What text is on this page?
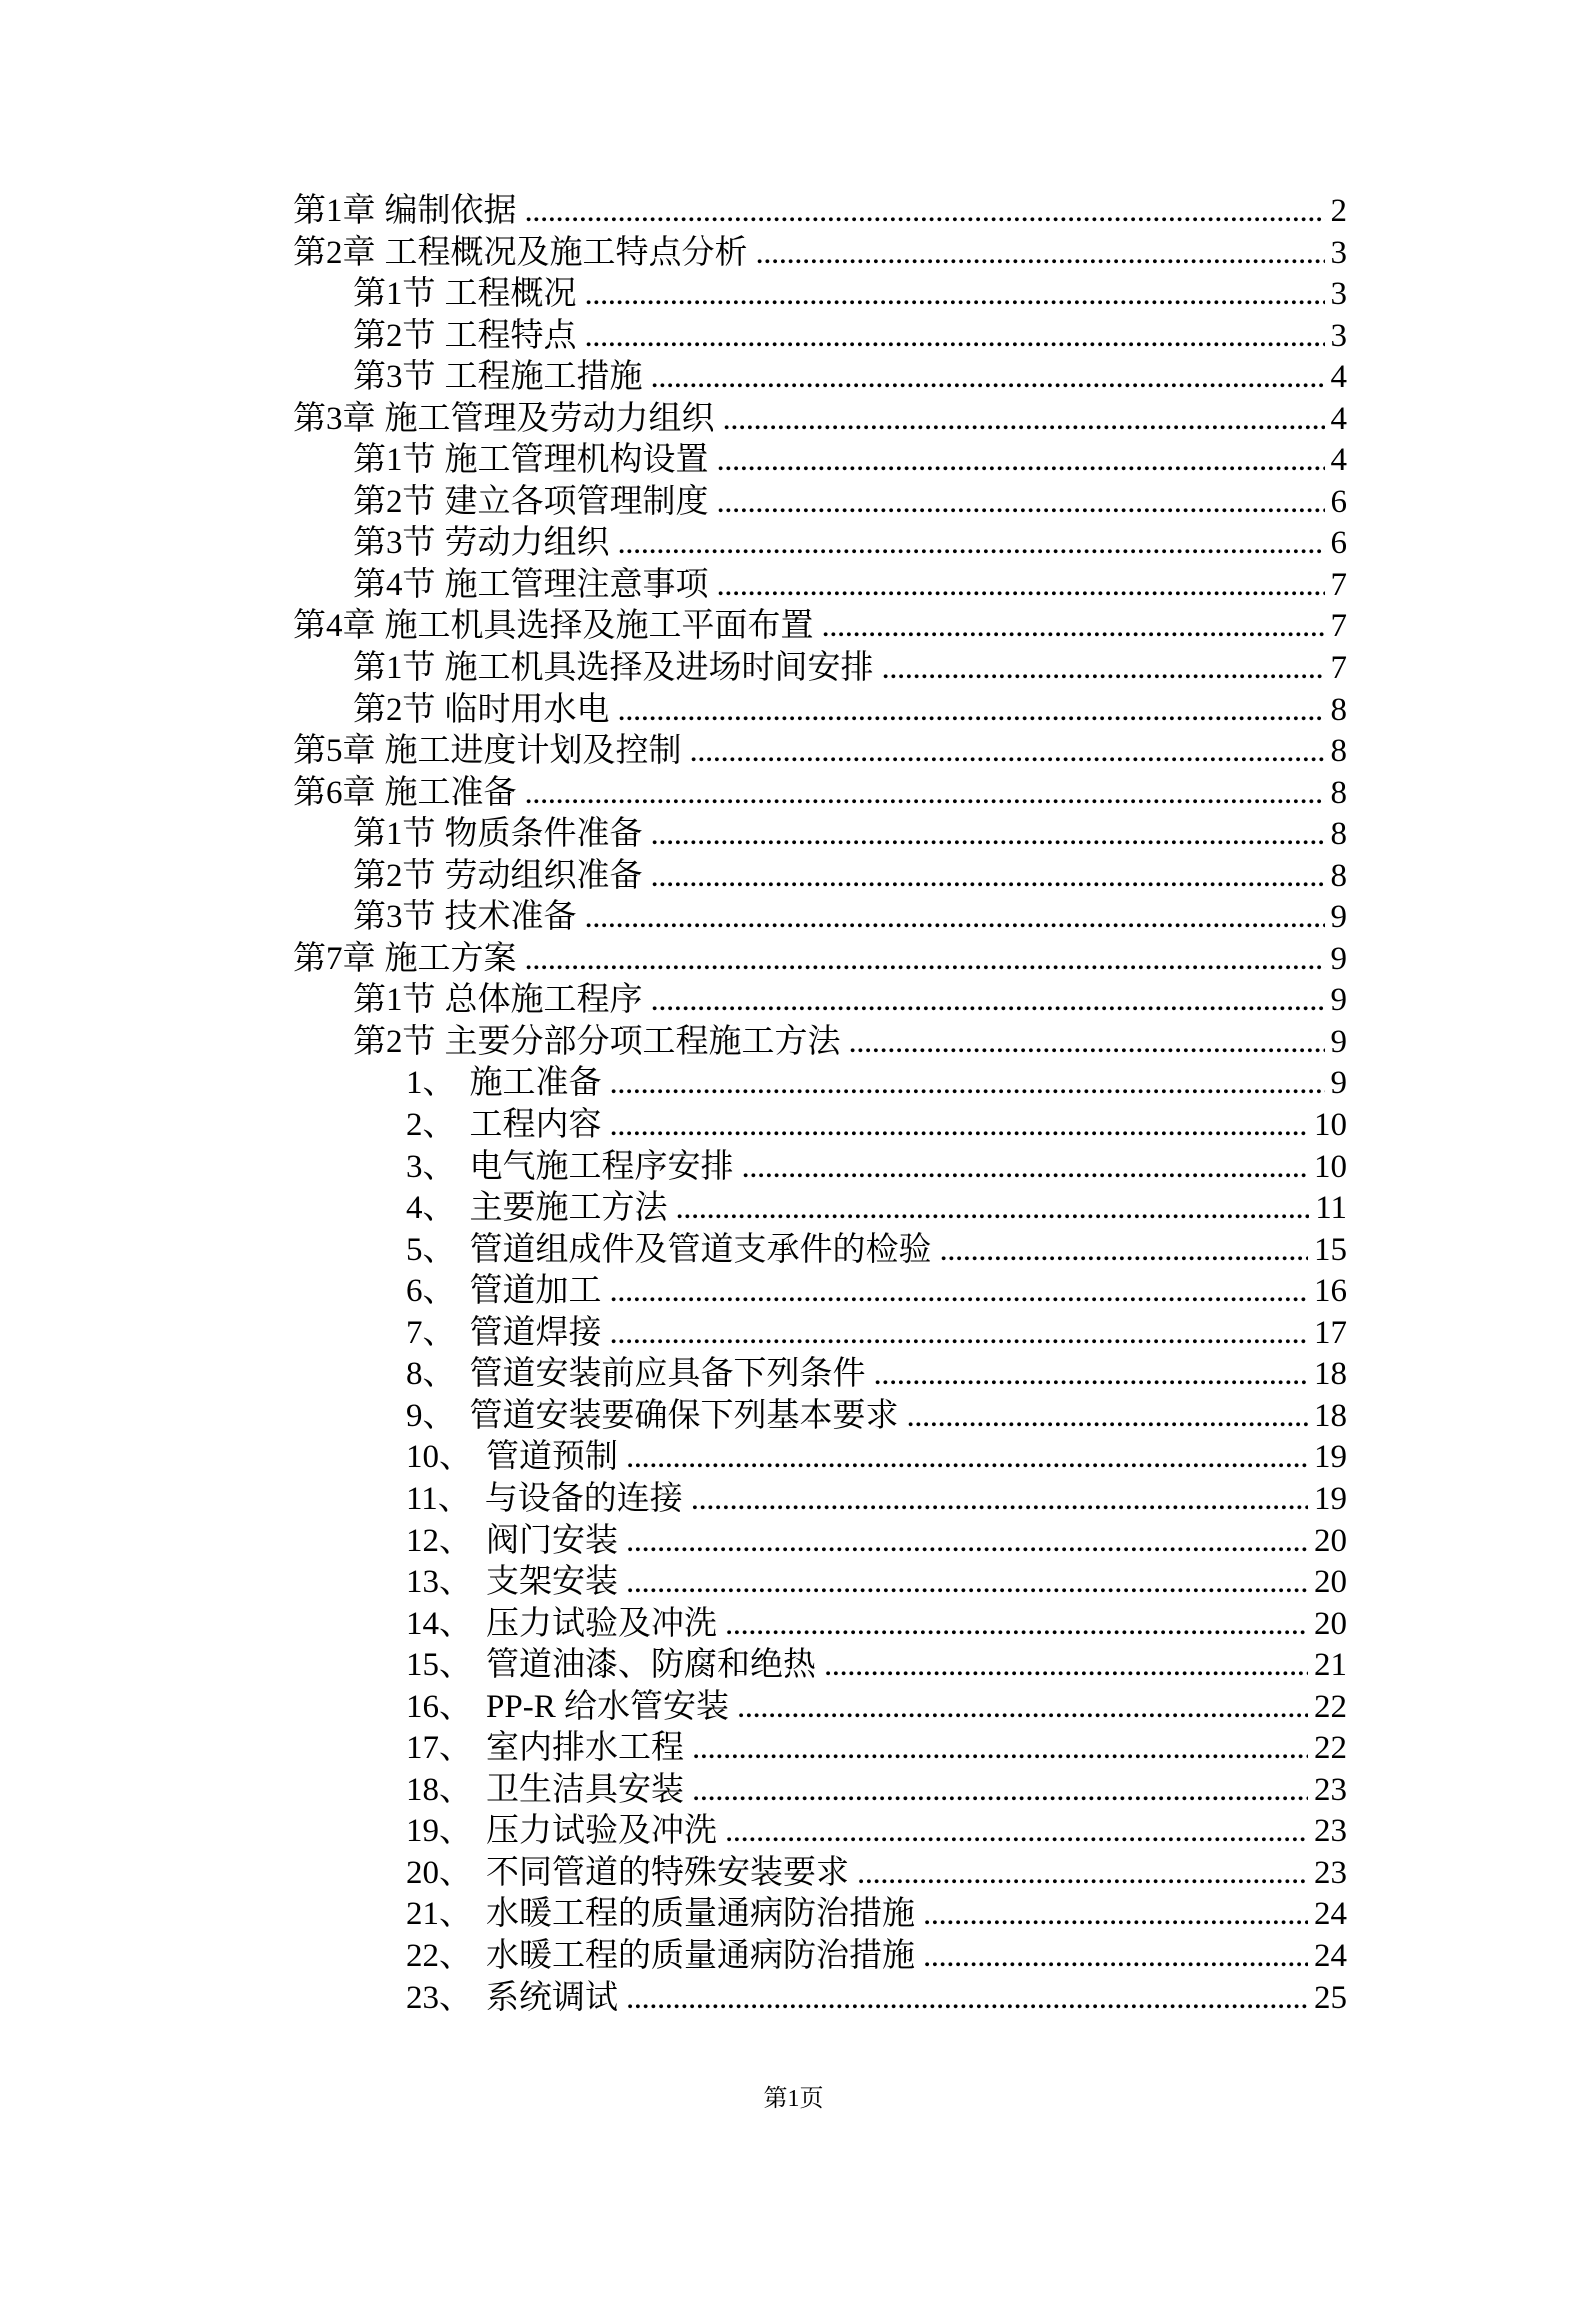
第1章 编制依据 .....	2
第2章 工程概况及施工特点分析 .....	3
第1节 工程概况 .....	3
第2节 工程特点 .....	3
第3节 工程施工措施 .....	4
第3章 施工管理及劳动力组织 .....	4
第1节 施工管理机构设置 .....	4
第2节 建立各项管理制度 .....	6
第3节 劳动力组织 .....	6
第4节 施工管理注意事项 .....	7
第4章 施工机具选择及施工平面布置 .....	7
第1节 施工机具选择及进场时间安排 .....	7
第2节 临时用水电 .....	8
第5章 施工进度计划及控制 .....	8
第6章 施工准备 .....	8
第1节 物质条件准备 .....	8
第2节 劳动组织准备 .....	8
第3节 技术准备 .....	9
第7章 施工方案 .....	9
第1节 总体施工程序 .....	9
第2节 主要分部分项工程施工方法 .....	9
1、 施工准备 .....	9
2、 工程内容 .....	10
3、 电气施工程序安排 .....	10
4、 主要施工方法 .....	11
5、 管道组成件及管道支承件的检验 .....	15
6、 管道加工 .....	16
7、 管道焊接 .....	17
8、 管道安装前应具备下列条件 .....	18
9、 管道安装要确保下列基本要求 .....	18
10、 管道预制 .....	19
11、 与设备的连接 .....	19
12、 阀门安装 .....	20
13、 支架安装 .....	20
14、 压力试验及冲洗 .....	20
15、 管道油漆、防腐和绝热 .....	21
16、 PP-R 给水管安装 .....	22
17、 室内排水工程 .....	22
18、 卫生洁具安装 .....	23
19、 压力试验及冲洗 .....	23
20、 不同管道的特殊安装要求 .....	23
21、 水暖工程的质量通病防治措施 .....	24
22、 水暖工程的质量通病防治措施 .....	24
23、 系统调试 .....	25
第1页
